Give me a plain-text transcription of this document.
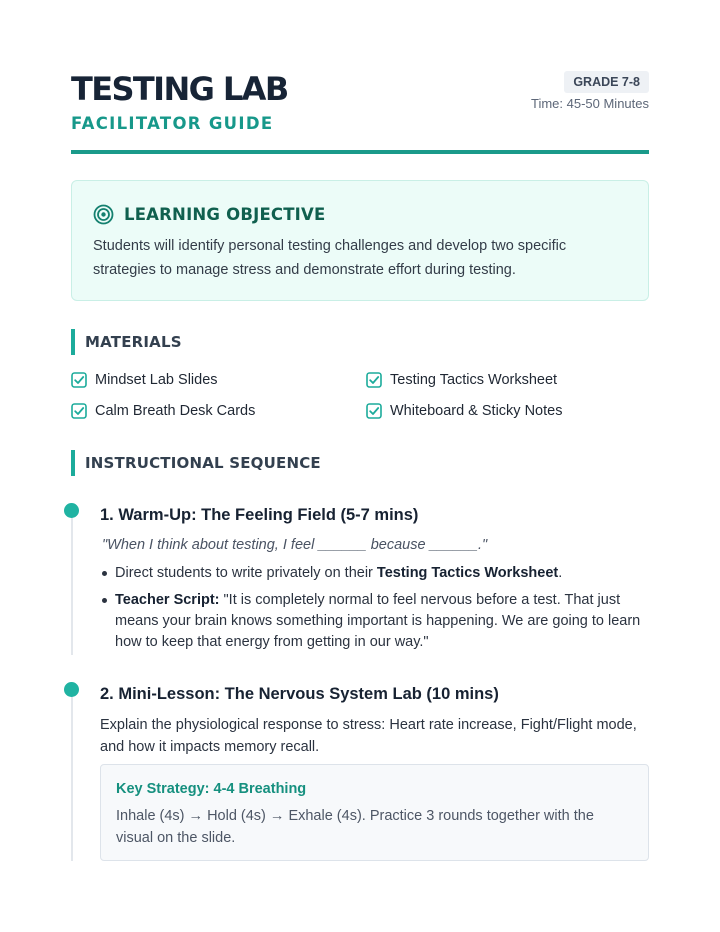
TESTING LAB
FACILITATOR GUIDE
GRADE 7-8
Time: 45-50 Minutes
LEARNING OBJECTIVE
Students will identify personal testing challenges and develop two specific strategies to manage stress and demonstrate effort during testing.
MATERIALS
Mindset Lab Slides	Testing Tactics Worksheet
Calm Breath Desk Cards	Whiteboard & Sticky Notes
INSTRUCTIONAL SEQUENCE
1. Warm-Up: The Feeling Field (5-7 mins)
"When I think about testing, I feel ______ because ______."
Direct students to write privately on their Testing Tactics Worksheet.
Teacher Script: "It is completely normal to feel nervous before a test. That just means your brain knows something important is happening. We are going to learn how to keep that energy from getting in our way."
2. Mini-Lesson: The Nervous System Lab (10 mins)
Explain the physiological response to stress: Heart rate increase, Fight/Flight mode, and how it impacts memory recall.
Key Strategy: 4-4 Breathing
Inhale (4s) → Hold (4s) → Exhale (4s). Practice 3 rounds together with the visual on the slide.
